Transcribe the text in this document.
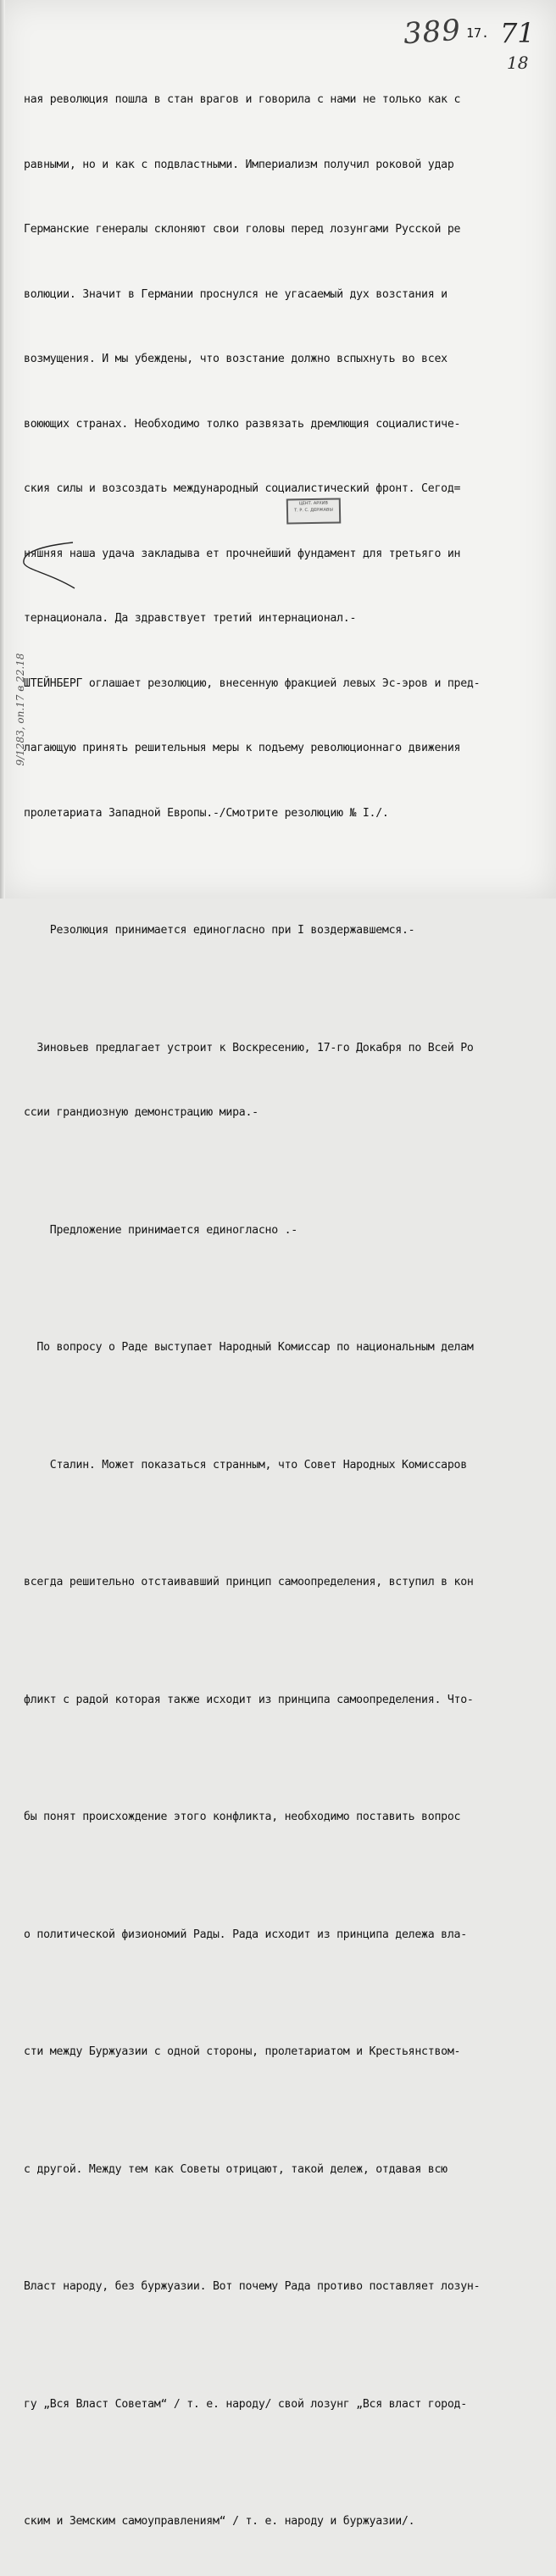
389 17. 71
18

ная революция пошла в стан врагов и говорила с нами не только как с

равными, но и как с подвластными. Империализм получил роковой удар

Германские генералы склоняют свои головы перед лозунгами Русской ре

волюции. Значит в Германии проснулся не угасаемый дух возстания и

возмущения. И мы убеждены, что возстание должно вспыхнуть во всех

воюющих странах. Необходимо толко развязать дремлющия социалистиче-

ския силы и возсоздать международный социалистический фронт. Сегод=

няшняя наша удача закладыва ет прочнейший фундамент для третьяго ин

тернационала. Да здравствует третий интернационал.-

ШТЕЙНБЕРГ оглашает резолюцию, внесенную фракцией левых Эс-эров и пред-

лагающую принять решительныя меры к подъему революционнаго движения

пролетариата Западной Европы.-/Смотрите резолюцию № I./.

Резолюция принимается единогласно при I воздержавшемся.-

Зиновьев предлагает устроит к Воскресению, 17-го Докабря по Всей Ро

ссии грандиозную демонстрацию мира.-

Предложение принимается единогласно .-

По вопросу о Раде выступает Народный Комиссар по национальным делам

Сталин. Может показаться странным, что Совет Народных Комиссаров

всегда решительно отстаивавший принцип самоопределения, вступил в кон

фликт с радой которая также исходит из принципа самоопределения. Что-

бы понят происхождение этого конфликта, необходимо поставить вопрос

о политической физиономий Рады. Рада исходит из принципа дележа вла-

сти между Буржуазии с одной стороны, пролетариатом и Крестьянством-

с другой. Между тем как Советы отрицают, такой дележ, отдавая всю

Власт народу, без буржуазии. Вот почему Рада противо поставляет лозун-

гу „Вся Власт Советам“ / т. е. народу/ свой лозунг „Вся власт город-

ским и Земским самоуправлениям“ / т. е. народу и буржуазии/.

ЦЕНТ. АРХИВ
Т. Р. С. ДЕРЖАВЫ
9/1283, оп.17 в 22.18
